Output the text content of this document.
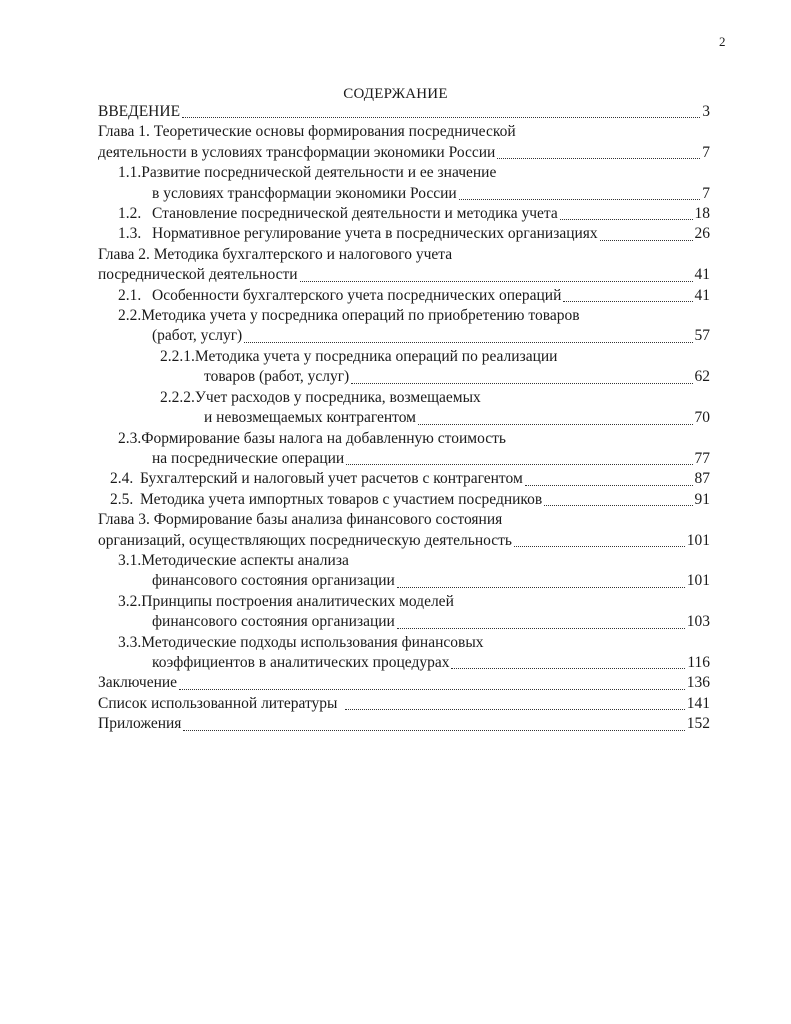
2
СОДЕРЖАНИЕ
ВВЕДЕНИЕ	3
Глава 1. Теоретические основы формирования посреднической
деятельности в условиях трансформации экономики России	7
1.1.Развитие посреднической деятельности и ее значение
в условиях трансформации экономики России	7
1.2. Становление посреднической деятельности и методика учета	18
1.3. Нормативное регулирование учета в посреднических организациях	26
Глава 2. Методика бухгалтерского и налогового учета
посреднической деятельности	41
2.1. Особенности бухгалтерского учета посреднических операций	41
2.2.Методика учета у посредника операций по приобретению товаров
(работ, услуг)	57
2.2.1.Методика учета у посредника операций по реализации
товаров (работ, услуг)	62
2.2.2.Учет расходов у посредника, возмещаемых
и невозмещаемых контрагентом	70
2.3.Формирование базы налога на добавленную стоимость
на посреднические операции	77
2.4. Бухгалтерский и налоговый учет расчетов с контрагентом	87
2.5. Методика учета импортных товаров с участием посредников	91
Глава 3. Формирование базы анализа финансового состояния
организаций, осуществляющих посредническую деятельность	101
3.1.Методические аспекты анализа
финансового состояния организации	101
3.2.Принципы построения аналитических моделей
финансового состояния организации	103
3.3.Методические подходы использования финансовых
коэффициентов в аналитических процедурах	116
Заключение	136
Список использованной литературы	141
Приложения	152
